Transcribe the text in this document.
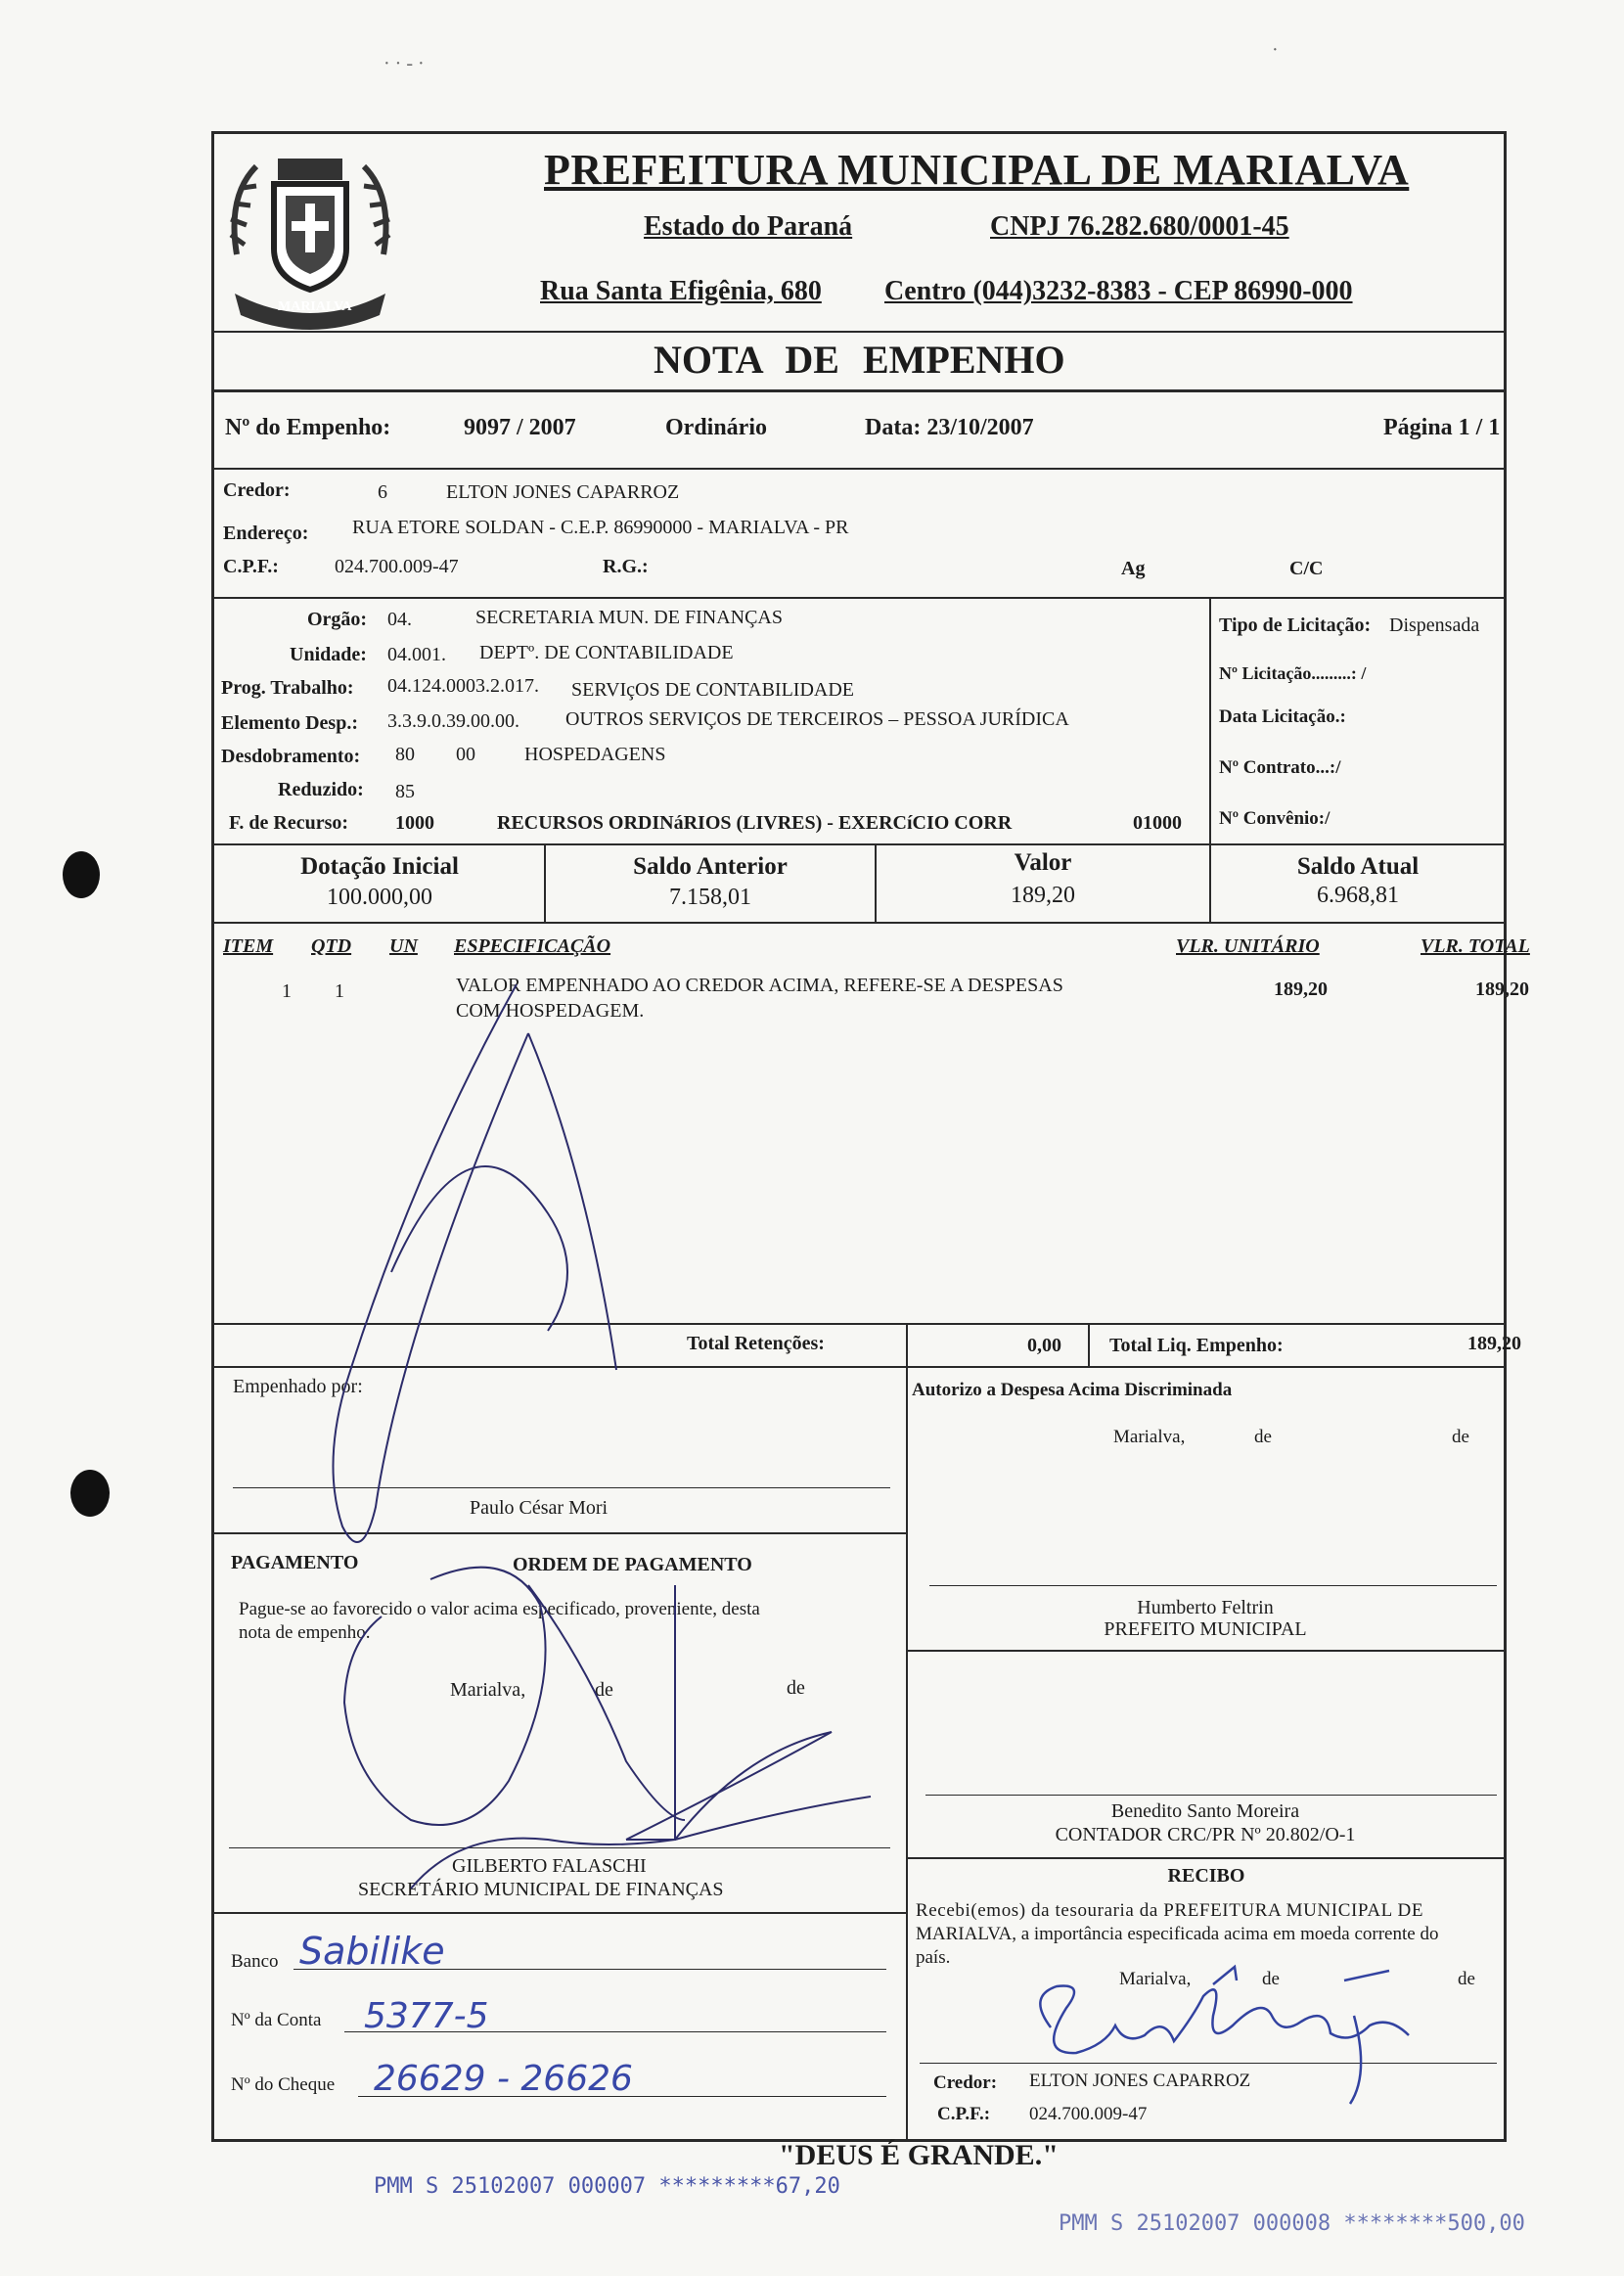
· · - ·
·
MARIALVA
PREFEITURA MUNICIPAL DE MARIALVA
Estado do Paraná	CNPJ 76.282.680/0001-45
Rua Santa Efigênia, 680 Centro (044)3232-8383 - CEP 86990-000
NOTA DE EMPENHO
Nº do Empenho:	9097 / 2007	Ordinário	Data: 23/10/2007	Página 1 / 1
Credor:	6	ELTON JONES CAPARROZ
Endereço: RUA ETORE SOLDAN - C.E.P. 86990000 - MARIALVA - PR
C.P.F.:	024.700.009-47	R.G.:	Ag	C/C
Orgão: 04.	SECRETARIA MUN. DE FINANÇAS
Unidade: 04.001. DEPTº. DE CONTABILIDADE
Prog. Trabalho: 04.124.0003.2.017. SERVIçOS DE CONTABILIDADE
Elemento Desp.: 3.3.9.0.39.00.00. OUTROS SERVIÇOS DE TERCEIROS – PESSOA JURÍDICA
Desdobramento: 80 00	HOSPEDAGENS
Reduzido: 85
F. de Recurso: 1000	RECURSOS ORDINáRIOS (LIVRES) - EXERCíCIO CORR	01000
Tipo de Licitação: Dispensada
Nº Licitação.........: /
Data Licitação.:
Nº Contrato...:/
Nº Convênio:/
Dotação Inicial
100.000,00
Saldo Anterior
7.158,01
Valor
189,20
Saldo Atual
6.968,81
ITEM QTD UN ESPECIFICAÇÃO	VLR. UNITÁRIO	VLR. TOTAL
1 1	VALOR EMPENHADO AO CREDOR ACIMA, REFERE-SE A DESPESAS
COM HOSPEDAGEM.
189,20	189,20
Total Retenções:	0,00 Total Liq. Empenho:	189,20
Empenhado por:
Paulo César Mori
PAGAMENTO	ORDEM DE PAGAMENTO
Pague-se ao favorecido o valor acima especificado, proveniente, desta
nota de empenho.
Marialva,	de	de
GILBERTO FALASCHI
SECRETÁRIO MUNICIPAL DE FINANÇAS
Banco Sabilike
Nº da Conta 5377-5
Nº do Cheque 26629 - 26626
Autorizo a Despesa Acima Discriminada
Marialva,	de	de
Humberto Feltrin
PREFEITO MUNICIPAL
Benedito Santo Moreira
CONTADOR CRC/PR Nº 20.802/O-1
RECIBO
Recebi(emos) da tesouraria da PREFEITURA MUNICIPAL DE
MARIALVA, a importância especificada acima em moeda corrente do
país.
Marialva,	de	de
Credor: ELTON JONES CAPARROZ
C.P.F.: 024.700.009-47
"DEUS É GRANDE."
PMM S 25102007 000007 *********67,20
PMM S 25102007 000008 ********500,00
